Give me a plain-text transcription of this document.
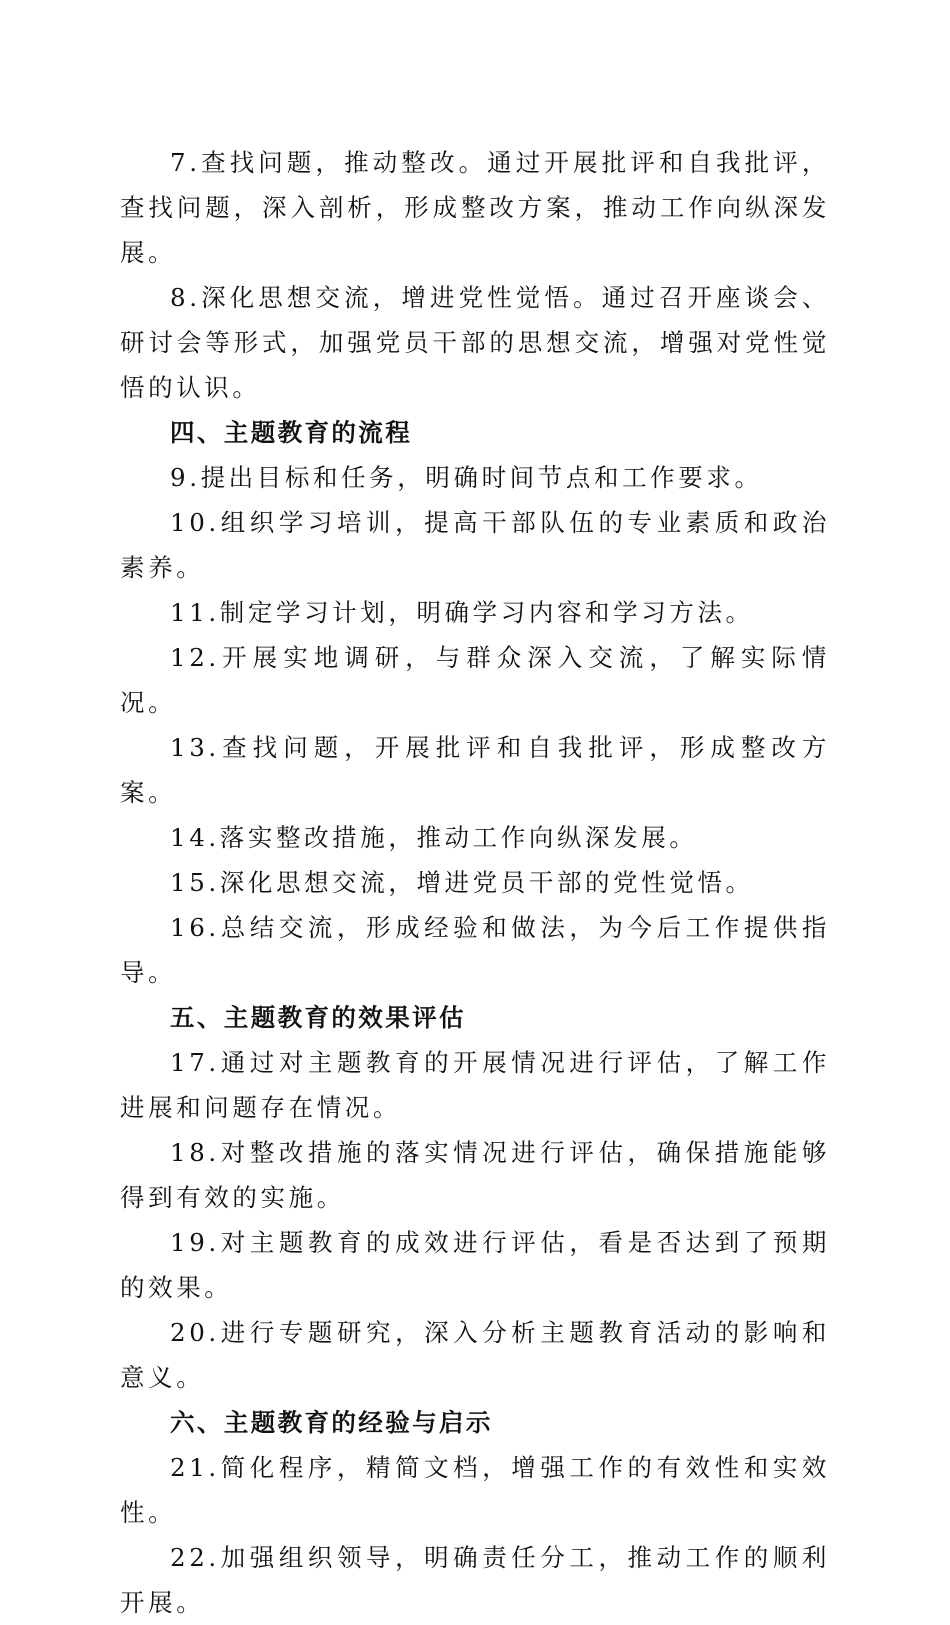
7.查找问题，推动整改。通过开展批评和自我批评，查找问题，深入剖析，形成整改方案，推动工作向纵深发展。

8.深化思想交流，增进党性觉悟。通过召开座谈会、研讨会等形式，加强党员干部的思想交流，增强对党性觉悟的认识。

四、主题教育的流程

9.提出目标和任务，明确时间节点和工作要求。

10.组织学习培训，提高干部队伍的专业素质和政治素养。

11.制定学习计划，明确学习内容和学习方法。

12.开展实地调研，与群众深入交流，了解实际情况。

13.查找问题，开展批评和自我批评，形成整改方案。

14.落实整改措施，推动工作向纵深发展。

15.深化思想交流，增进党员干部的党性觉悟。

16.总结交流，形成经验和做法，为今后工作提供指导。

五、主题教育的效果评估

17.通过对主题教育的开展情况进行评估，了解工作进展和问题存在情况。

18.对整改措施的落实情况进行评估，确保措施能够得到有效的实施。

19.对主题教育的成效进行评估，看是否达到了预期的效果。

20.进行专题研究，深入分析主题教育活动的影响和意义。

六、主题教育的经验与启示

21.简化程序，精简文档，增强工作的有效性和实效性。

22.加强组织领导，明确责任分工，推动工作的顺利开展。
